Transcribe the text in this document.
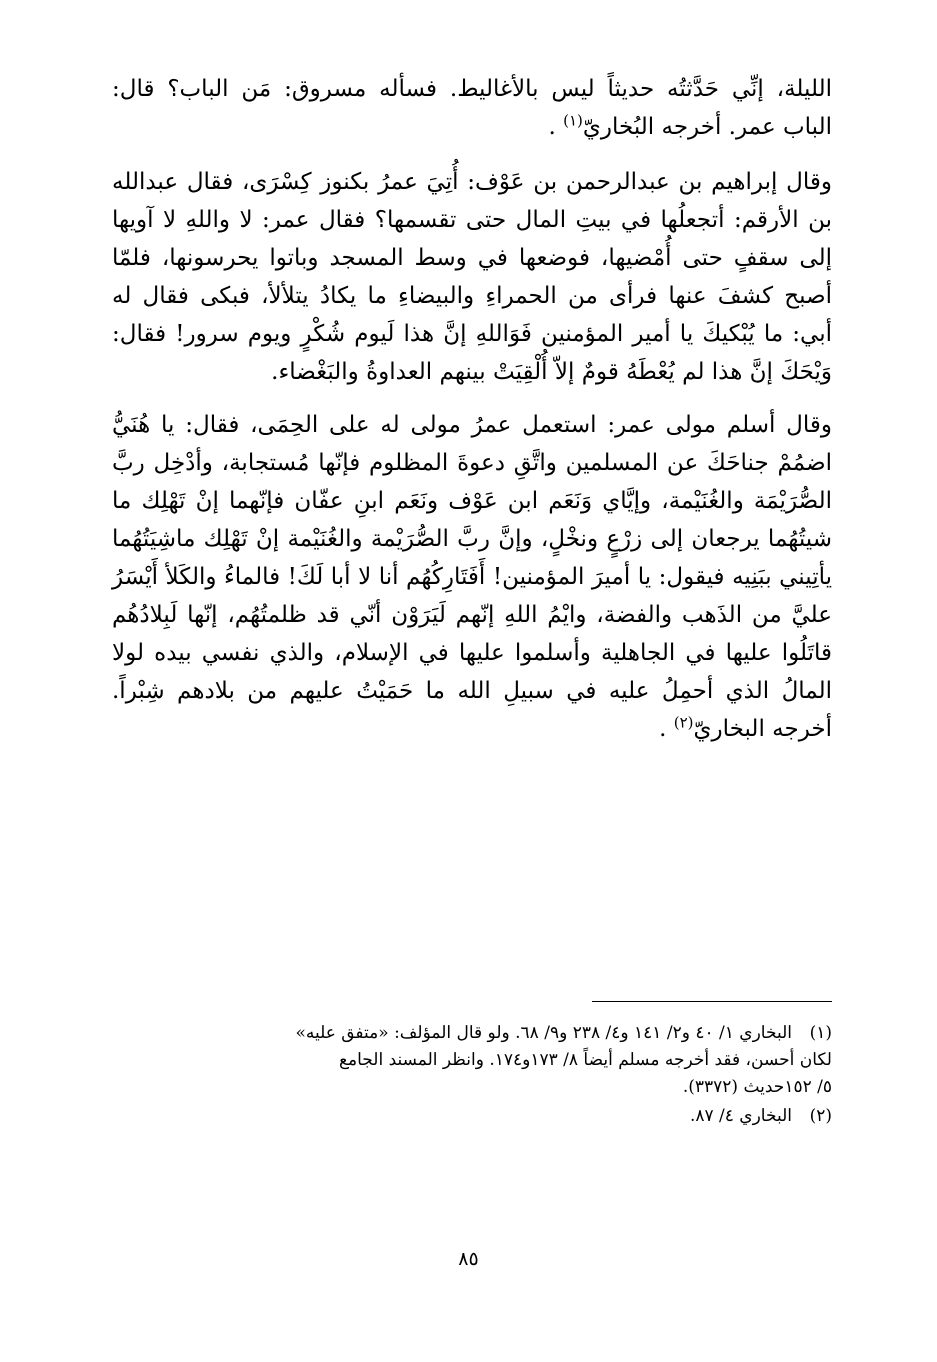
الليلة، إنِّي حَدَّثتُه حديثاً ليس بالأغاليط. فسأله مسروق: مَن الباب؟ قال: الباب عمر. أخرجه البُخاريّ$^{(١)}$ .

وقال إبراهيم بن عبدالرحمن بن عَوْف: أُتِيَ عمرُ بكنوز كِسْرَى، فقال عبدالله بن الأرقم: أتجعلُها في بيتِ المال حتى تقسمها؟ فقال عمر: لا واللهِ لا آويها إلى سقفٍ حتى أُمْضيها، فوضعها في وسط المسجد وباتوا يحرسونها، فلمّا أصبح كشفَ عنها فرأى من الحمراءِ والبيضاءِ ما يكادُ يتلألأ، فبكى فقال له أبي: ما يُبْكيكَ يا أمير المؤمنين فَوَاللهِ إنَّ هذا لَيوم شُكْرٍ ويوم سرور! فقال: وَيْحَكَ إنَّ هذا لم يُعْطَهُ قومٌ إلاّ أُلْقِيَتْ بينهم العداوةُ والبَغْضاء.

وقال أسلم مولى عمر: استعمل عمرُ مولى له على الحِمَى، فقال: يا هُنَيُّ اضمُمْ جناحَكَ عن المسلمين واتَّقِ دعوةَ المظلوم فإنّها مُستجابة، وأدْخِل ربَّ الصُّرَيْمَة والغُنَيْمة، وإيَّاي وَنَعَم ابن عَوْف ونَعَم ابنِ عفّان فإنّهما إنْ تَهْلِك ما شيتُهُما يرجعان إلى زرْعٍ ونخْلٍ، وإنَّ ربَّ الصُّرَيْمة والغُنَيْمة إنْ تَهْلِك ماشِيَتُهُما يأتِيني ببَنِيه فيقول: يا أميرَ المؤمنين! أَفَتَارِكُهُم أنا لا أبا لَكَ! فالماءُ والكَلأ أَيْسَرُ عليَّ من الذَهب والفضة، وايْمُ اللهِ إنّهم لَيَرَوْن أنّي قد ظلمتُهُم، إنّها لَبِلادُهُم قاتَلُوا عليها في الجاهلية وأسلموا عليها في الإسلام، والذي نفسي بيده لولا المالُ الذي أحمِلُ عليه في سبيلِ الله ما حَمَيْتُ عليهم من بلادهم شِبْراً. أخرجه البخاريّ$^{(٢)}$ .

(١)البخاري ١/ ٤٠ و٢/ ١٤١ و٤/ ٢٣٨ و٩/ ٦٨. ولو قال المؤلف: «متفق عليه»
لكان أحسن، فقد أخرجه مسلم أيضاً ٨/ ١٧٣و١٧٤. وانظر المسند الجامع
٥/ ١٥٢حديث (٣٣٧٢).
(٢)البخاري ٤/ ٨٧.
٨٥
